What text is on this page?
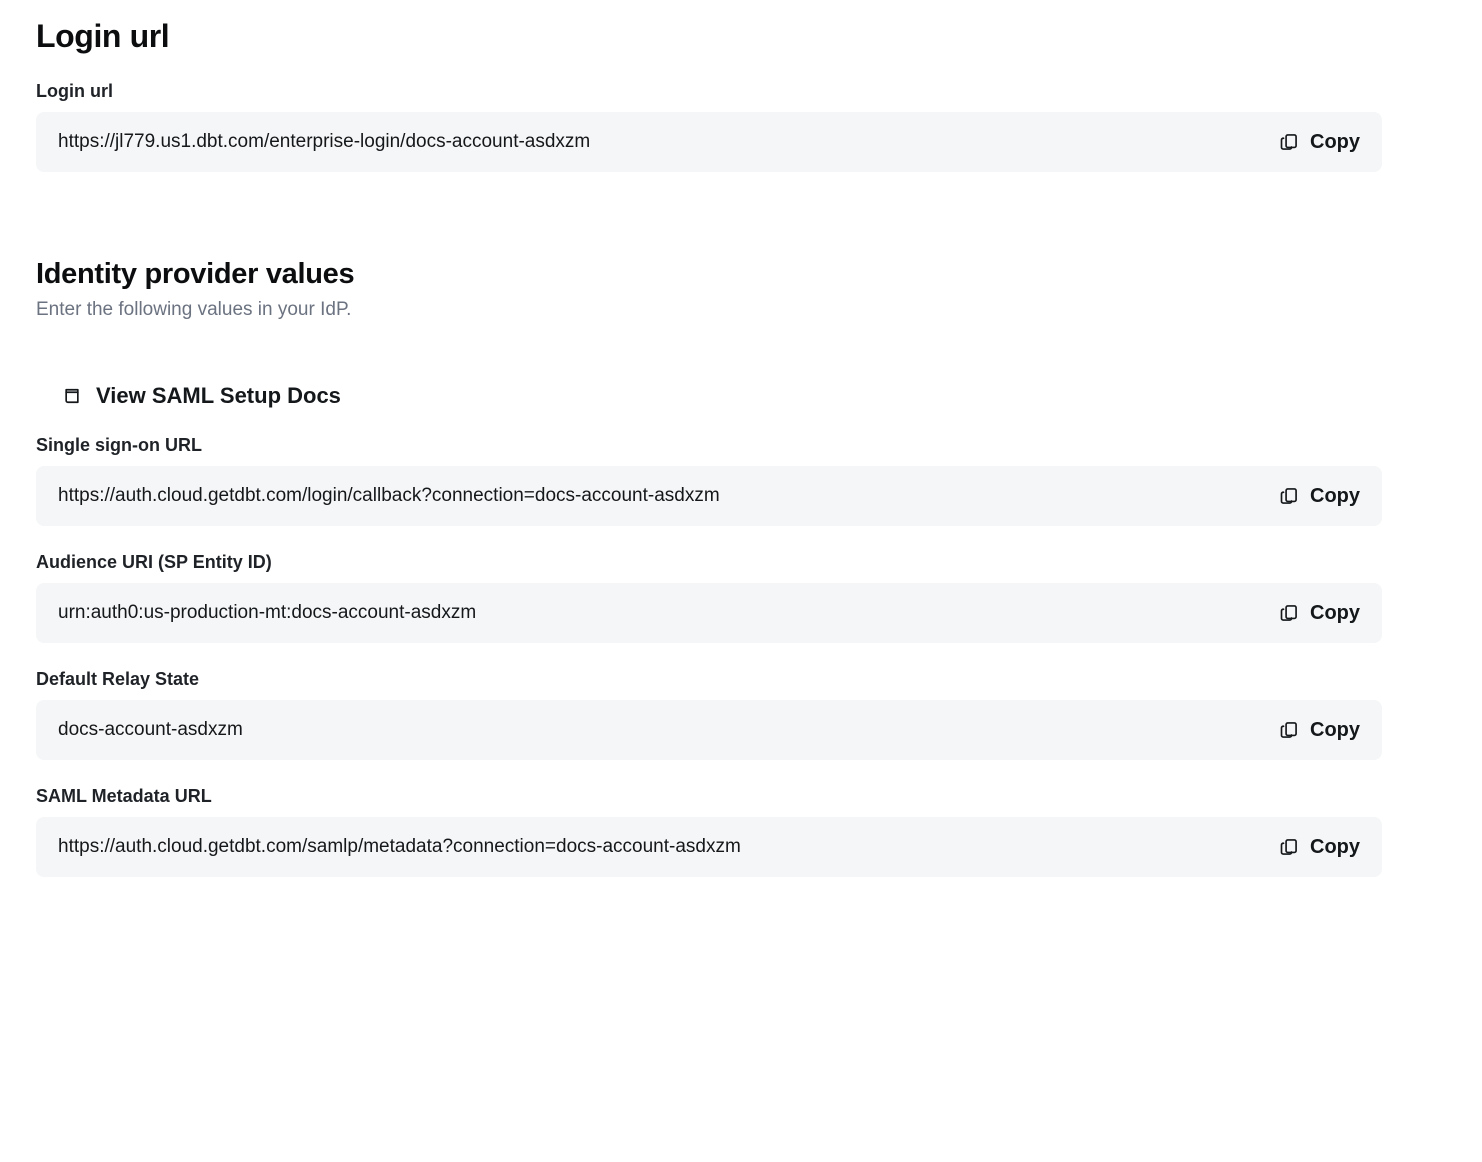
Login url
Login url
https://jl779.us1.dbt.com/enterprise-login/docs-account-asdxzm	Copy
Identity provider values

Enter the following values in your IdP.

View SAML Setup Docs
Single sign-on URL
https://auth.cloud.getdbt.com/login/callback?connection=docs-account-asdxzm	Copy
Audience URI (SP Entity ID)
urn:auth0:us-production-mt:docs-account-asdxzm	Copy
Default Relay State
docs-account-asdxzm	Copy
SAML Metadata URL
https://auth.cloud.getdbt.com/samlp/metadata?connection=docs-account-asdxzm	Copy
